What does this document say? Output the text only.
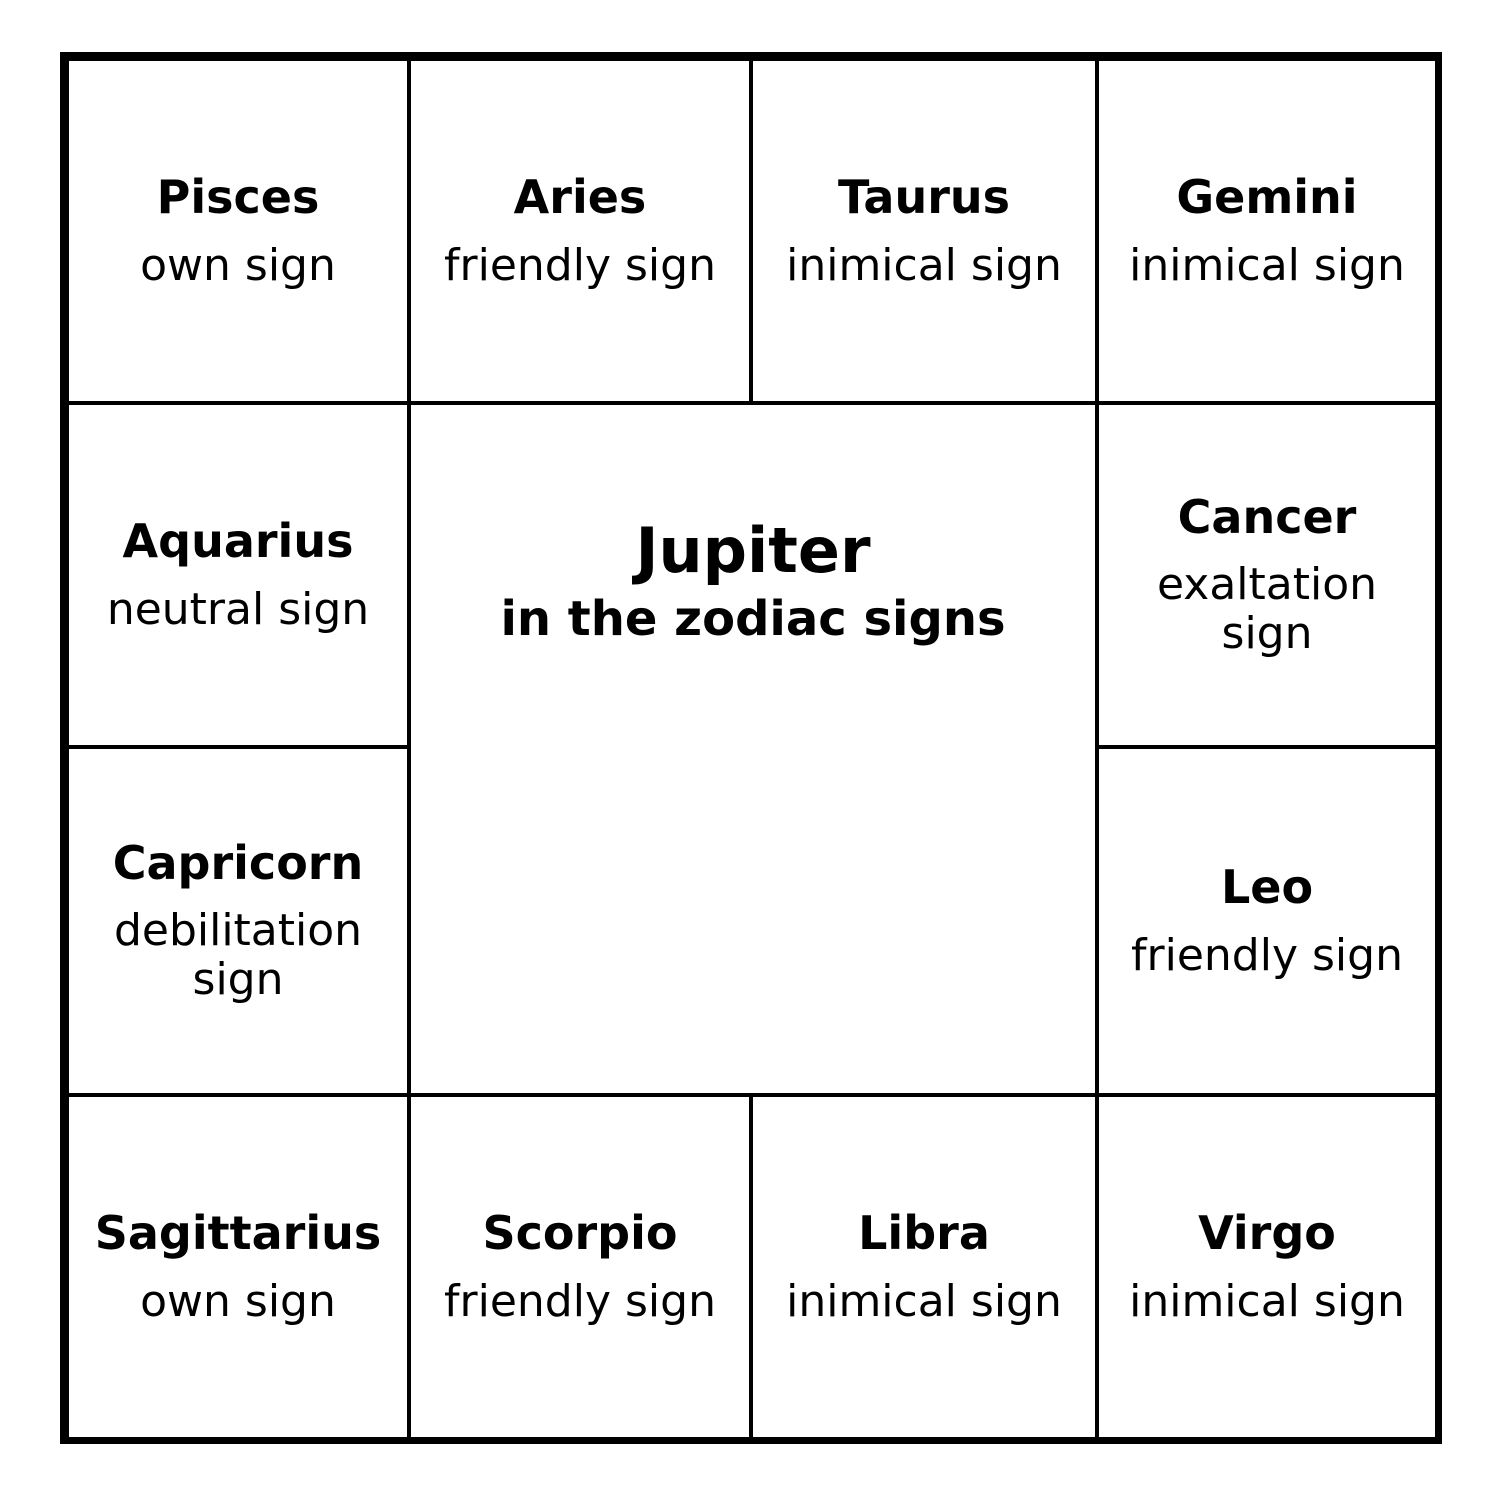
Pisces
own sign
Aries
friendly sign
Taurus
inimical sign
Gemini
inimical sign
Aquarius
neutral sign
Cancer
exaltation sign
Capricorn
debilitation sign
Leo
friendly sign
Sagittarius
own sign
Scorpio
friendly sign
Libra
inimical sign
Virgo
inimical sign
Jupiter
in the zodiac signs
